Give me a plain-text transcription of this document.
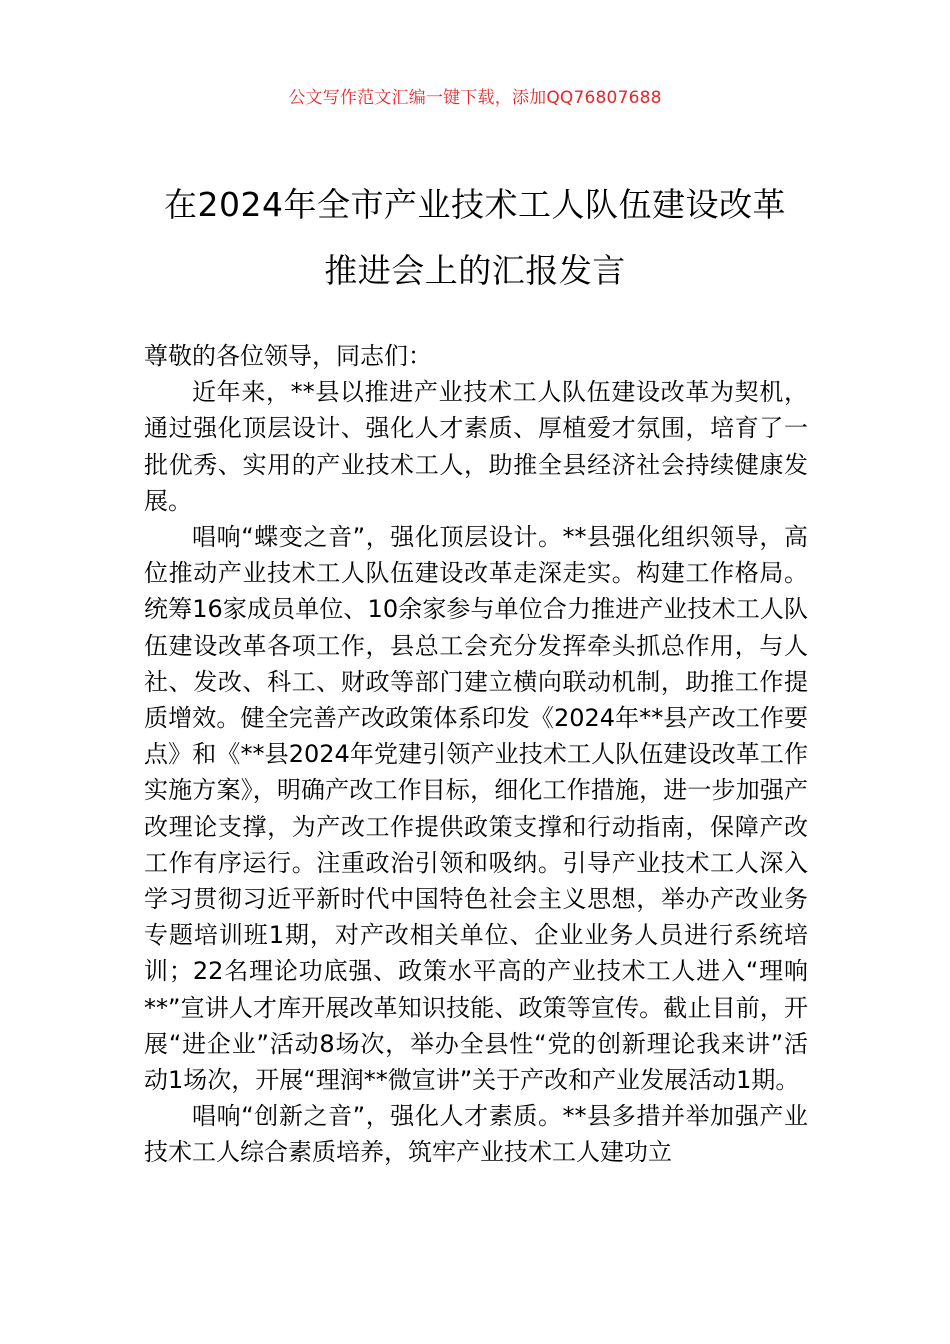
公文写作范文汇编一键下载，添加QQ76807688
在2024年全市产业技术工人队伍建设改革
推进会上的汇报发言

尊敬的各位领导，同志们：

近年来，**县以推进产业技术工人队伍建设改革为契机，通过强化顶层设计、强化人才素质、厚植爱才氛围，培育了一批优秀、实用的产业技术工人，助推全县经济社会持续健康发展。

唱响“蝶变之音”，强化顶层设计。**县强化组织领导，高位推动产业技术工人队伍建设改革走深走实。构建工作格局。统筹16家成员单位、10余家参与单位合力推进产业技术工人队伍建设改革各项工作，县总工会充分发挥牵头抓总作用，与人社、发改、科工、财政等部门建立横向联动机制，助推工作提质增效。健全完善产改政策体系印发《2024年**县产改工作要点》和《**县2024年党建引领产业技术工人队伍建设改革工作实施方案》，明确产改工作目标，细化工作措施，进一步加强产改理论支撑，为产改工作提供政策支撑和行动指南，保障产改工作有序运行。注重政治引领和吸纳。引导产业技术工人深入学习贯彻习近平新时代中国特色社会主义思想，举办产改业务专题培训班1期，对产改相关单位、企业业务人员进行系统培训；22名理论功底强、政策水平高的产业技术工人进入“理响**”宣讲人才库开展改革知识技能、政策等宣传。截止目前，开展“进企业”活动8场次，举办全县性“党的创新理论我来讲”活动1场次，开展“理润**微宣讲”关于产改和产业发展活动1期。

唱响“创新之音”，强化人才素质。**县多措并举加强产业技术工人综合素质培养，筑牢产业技术工人建功立
